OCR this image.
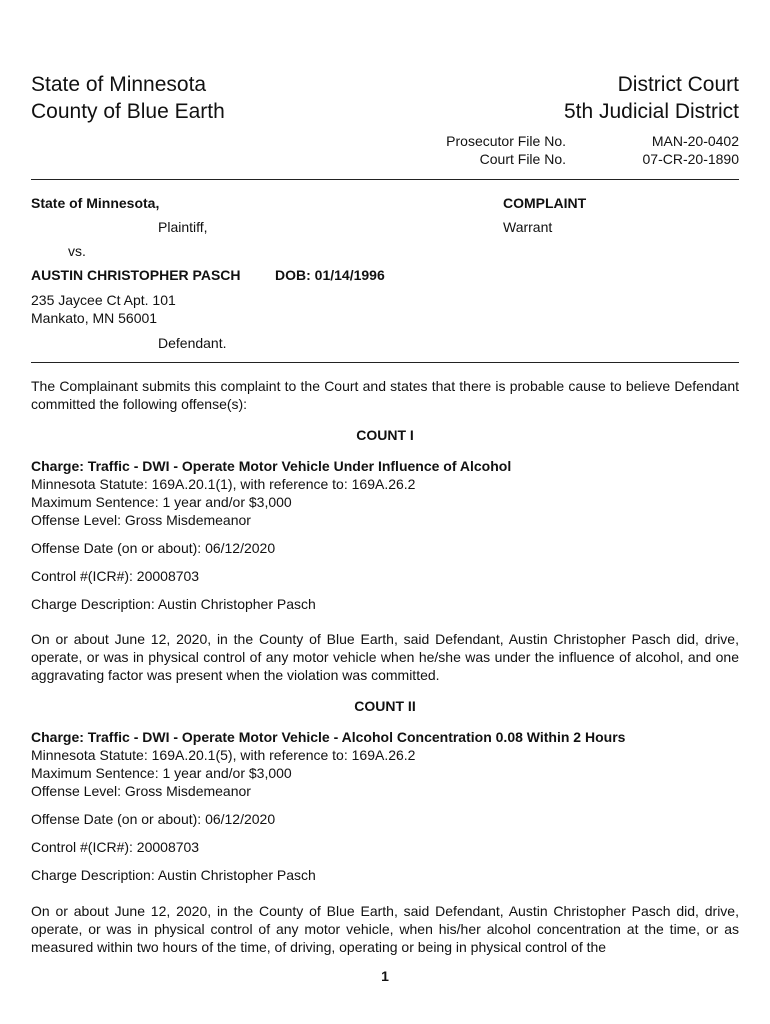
State of Minnesota
County of Blue Earth
District Court
5th Judicial District
Prosecutor File No.	MAN-20-0402
Court File No.	07-CR-20-1890
State of Minnesota,	COMPLAINT
Plaintiff,	Warrant
vs.
AUSTIN CHRISTOPHER PASCH DOB: 01/14/1996
235 Jaycee Ct Apt. 101
Mankato, MN 56001
Defendant.
The Complainant submits this complaint to the Court and states that there is probable cause to believe Defendant committed the following offense(s):
COUNT I
Charge: Traffic - DWI - Operate Motor Vehicle Under Influence of Alcohol
Minnesota Statute: 169A.20.1(1), with reference to: 169A.26.2
Maximum Sentence: 1 year and/or $3,000
Offense Level: Gross Misdemeanor
Offense Date (on or about): 06/12/2020
Control #(ICR#): 20008703
Charge Description: Austin Christopher Pasch
On or about June 12, 2020, in the County of Blue Earth, said Defendant, Austin Christopher Pasch did, drive, operate, or was in physical control of any motor vehicle when he/she was under the influence of alcohol, and one aggravating factor was present when the violation was committed.
COUNT II
Charge: Traffic - DWI - Operate Motor Vehicle - Alcohol Concentration 0.08 Within 2 Hours
Minnesota Statute: 169A.20.1(5), with reference to: 169A.26.2
Maximum Sentence: 1 year and/or $3,000
Offense Level: Gross Misdemeanor
Offense Date (on or about): 06/12/2020
Control #(ICR#): 20008703
Charge Description: Austin Christopher Pasch
On or about June 12, 2020, in the County of Blue Earth, said Defendant, Austin Christopher Pasch did, drive, operate, or was in physical control of any motor vehicle, when his/her alcohol concentration at the time, or as measured within two hours of the time, of driving, operating or being in physical control of the
1
